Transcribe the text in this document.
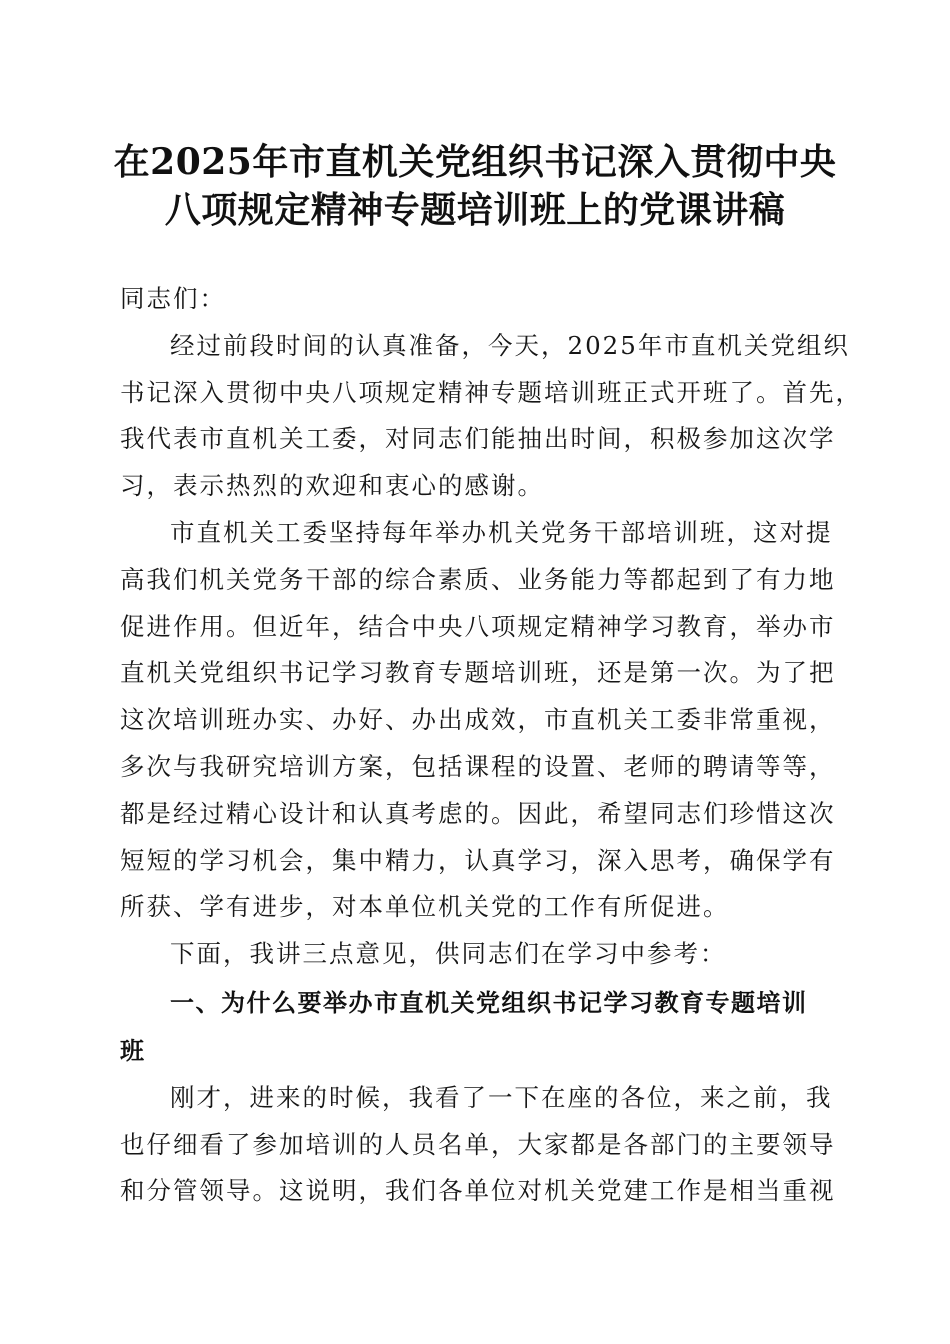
在2025年市直机关党组织书记深入贯彻中央
八项规定精神专题培训班上的党课讲稿
同志们：
经过前段时间的认真准备，今天，2025年市直机关党组织
书记深入贯彻中央八项规定精神专题培训班正式开班了。首先，
我代表市直机关工委，对同志们能抽出时间，积极参加这次学
习，表示热烈的欢迎和衷心的感谢。
市直机关工委坚持每年举办机关党务干部培训班，这对提
高我们机关党务干部的综合素质、业务能力等都起到了有力地
促进作用。但近年，结合中央八项规定精神学习教育，举办市
直机关党组织书记学习教育专题培训班，还是第一次。为了把
这次培训班办实、办好、办出成效，市直机关工委非常重视，
多次与我研究培训方案，包括课程的设置、老师的聘请等等，
都是经过精心设计和认真考虑的。因此，希望同志们珍惜这次
短短的学习机会，集中精力，认真学习，深入思考，确保学有
所获、学有进步，对本单位机关党的工作有所促进。
下面，我讲三点意见，供同志们在学习中参考：
一、为什么要举办市直机关党组织书记学习教育专题培训
班
刚才，进来的时候，我看了一下在座的各位，来之前，我
也仔细看了参加培训的人员名单，大家都是各部门的主要领导
和分管领导。这说明，我们各单位对机关党建工作是相当重视
